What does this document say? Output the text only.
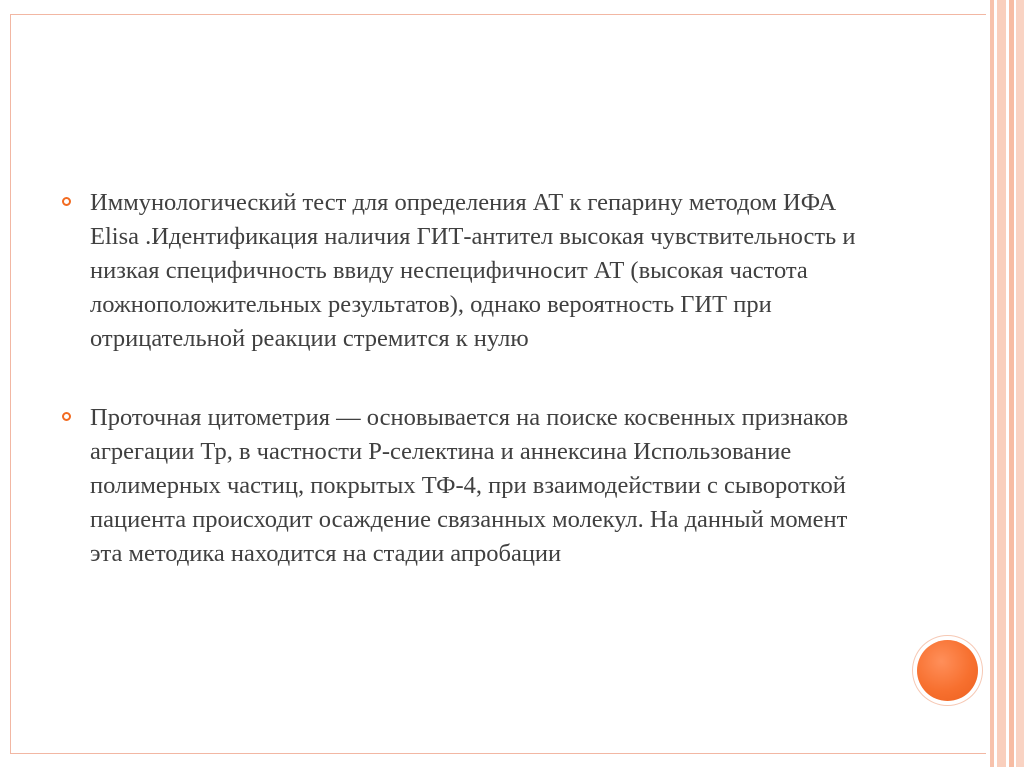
Иммунологический тест для определения АТ к гепарину методом ИФА Elisa .Идентификация наличия ГИТ-антител высокая чувствительность и низкая специфичность ввиду неспецифичносит АТ (высокая частота ложноположительных результатов), однако вероятность ГИТ при отрицательной реакции стремится к нулю
Проточная цитометрия — основывается на поиске косвенных признаков агрегации Тр, в частности Р-селектина и аннексина Использование полимерных частиц, покрытых ТФ-4, при взаимодействии с сывороткой пациента происходит осаждение связанных молекул. На данный момент эта методика находится на стадии апробации
